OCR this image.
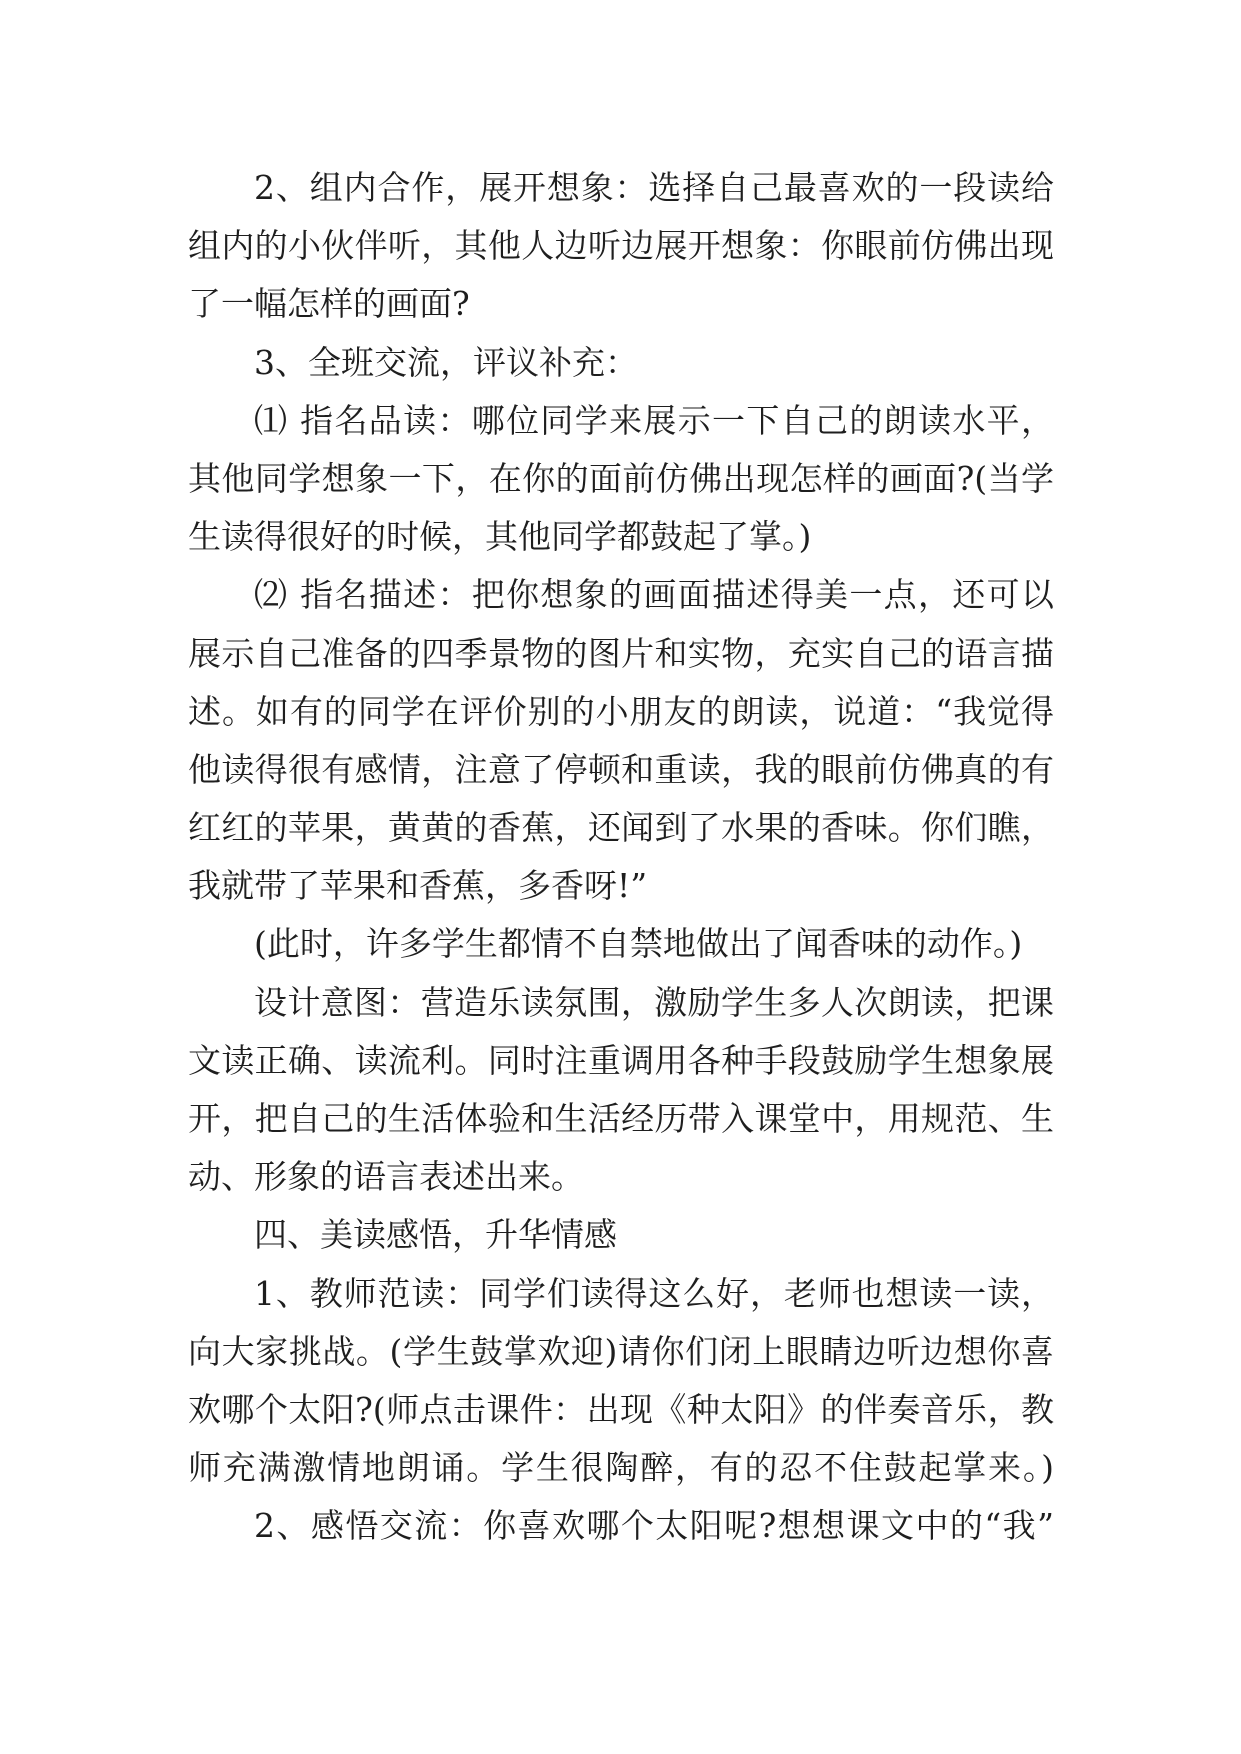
2、组内合作，展开想象：选择自己最喜欢的一段读给
组内的小伙伴听，其他人边听边展开想象：你眼前仿佛出现
了一幅怎样的画面?
3、全班交流，评议补充：
⑴ 指名品读：哪位同学来展示一下自己的朗读水平，
其他同学想象一下，在你的面前仿佛出现怎样的画面?(当学
生读得很好的时候，其他同学都鼓起了掌。)
⑵ 指名描述：把你想象的画面描述得美一点，还可以
展示自己准备的四季景物的图片和实物，充实自己的语言描
述。如有的同学在评价别的小朋友的朗读，说道：“我觉得
他读得很有感情，注意了停顿和重读，我的眼前仿佛真的有
红红的苹果，黄黄的香蕉，还闻到了水果的香味。你们瞧，
我就带了苹果和香蕉，多香呀!”
(此时，许多学生都情不自禁地做出了闻香味的动作。)
设计意图：营造乐读氛围，激励学生多人次朗读，把课
文读正确、读流利。同时注重调用各种手段鼓励学生想象展
开，把自己的生活体验和生活经历带入课堂中，用规范、生
动、形象的语言表述出来。
四、美读感悟，升华情感
1、教师范读：同学们读得这么好，老师也想读一读，
向大家挑战。(学生鼓掌欢迎)请你们闭上眼睛边听边想你喜
欢哪个太阳?(师点击课件：出现《种太阳》的伴奏音乐，教
师充满激情地朗诵。学生很陶醉，有的忍不住鼓起掌来。)
2、感悟交流：你喜欢哪个太阳呢?想想课文中的“我”
